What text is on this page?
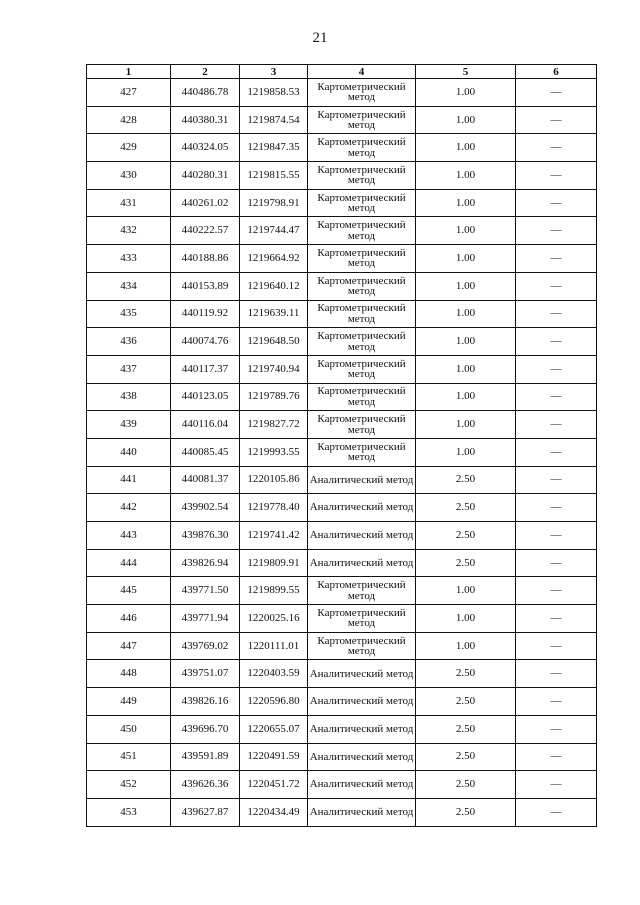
21
1	2	3	4	5	6
427	440486.78	1219858.53	Картометрический метод	1.00	—
428	440380.31	1219874.54	Картометрический метод	1.00	—
429	440324.05	1219847.35	Картометрический метод	1.00	—
430	440280.31	1219815.55	Картометрический метод	1.00	—
431	440261.02	1219798.91	Картометрический метод	1.00	—
432	440222.57	1219744.47	Картометрический метод	1.00	—
433	440188.86	1219664.92	Картометрический метод	1.00	—
434	440153.89	1219640.12	Картометрический метод	1.00	—
435	440119.92	1219639.11	Картометрический метод	1.00	—
436	440074.76	1219648.50	Картометрический метод	1.00	—
437	440117.37	1219740.94	Картометрический метод	1.00	—
438	440123.05	1219789.76	Картометрический метод	1.00	—
439	440116.04	1219827.72	Картометрический метод	1.00	—
440	440085.45	1219993.55	Картометрический метод	1.00	—
441	440081.37	1220105.86	Аналитический метод	2.50	—
442	439902.54	1219778.40	Аналитический метод	2.50	—
443	439876.30	1219741.42	Аналитический метод	2.50	—
444	439826.94	1219809.91	Аналитический метод	2.50	—
445	439771.50	1219899.55	Картометрический метод	1.00	—
446	439771.94	1220025.16	Картометрический метод	1.00	—
447	439769.02	1220111.01	Картометрический метод	1.00	—
448	439751.07	1220403.59	Аналитический метод	2.50	—
449	439826.16	1220596.80	Аналитический метод	2.50	—
450	439696.70	1220655.07	Аналитический метод	2.50	—
451	439591.89	1220491.59	Аналитический метод	2.50	—
452	439626.36	1220451.72	Аналитический метод	2.50	—
453	439627.87	1220434.49	Аналитический метод	2.50	—
